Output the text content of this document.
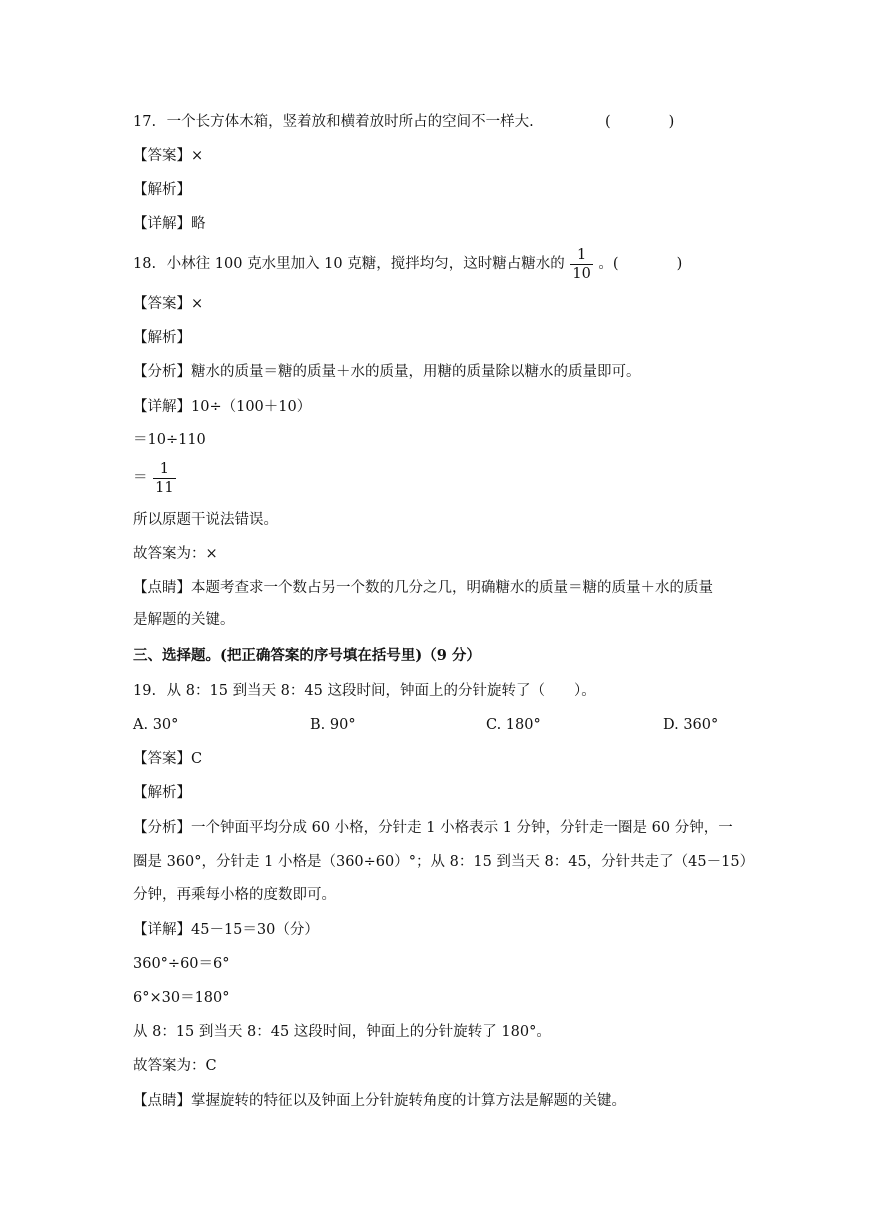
17. 一个长方体木箱，竖着放和横着放时所占的空间不一样大.	(　　　　)
【答案】×
【解析】
【详解】略
18. 小林往 100 克水里加入 10 克糖，搅拌均匀，这时糖占糖水的 $\frac{1}{10}$ 。(　　　　)
【答案】×
【解析】
【分析】糖水的质量＝糖的质量＋水的质量，用糖的质量除以糖水的质量即可。
【详解】10÷（100＋10）
＝10÷110
＝ $\frac{1}{11}$
所以原题干说法错误。
故答案为：×
【点睛】本题考查求一个数占另一个数的几分之几，明确糖水的质量＝糖的质量＋水的质量
是解题的关键。
三、选择题。(把正确答案的序号填在括号里)（9 分）
19. 从 8：15 到当天 8：45 这段时间，钟面上的分针旋转了（　　）。
A. 30°	B. 90°	C. 180°	D. 360°
【答案】C
【解析】
【分析】一个钟面平均分成 60 小格，分针走 1 小格表示 1 分钟，分针走一圈是 60 分钟，一
圈是 360°，分针走 1 小格是（360÷60）°；从 8：15 到当天 8：45，分针共走了（45－15）
分钟，再乘每小格的度数即可。
【详解】45－15＝30（分）
360°÷60＝6°
6°×30＝180°
从 8：15 到当天 8：45 这段时间，钟面上的分针旋转了 180°。
故答案为：C
【点睛】掌握旋转的特征以及钟面上分针旋转角度的计算方法是解题的关键。
